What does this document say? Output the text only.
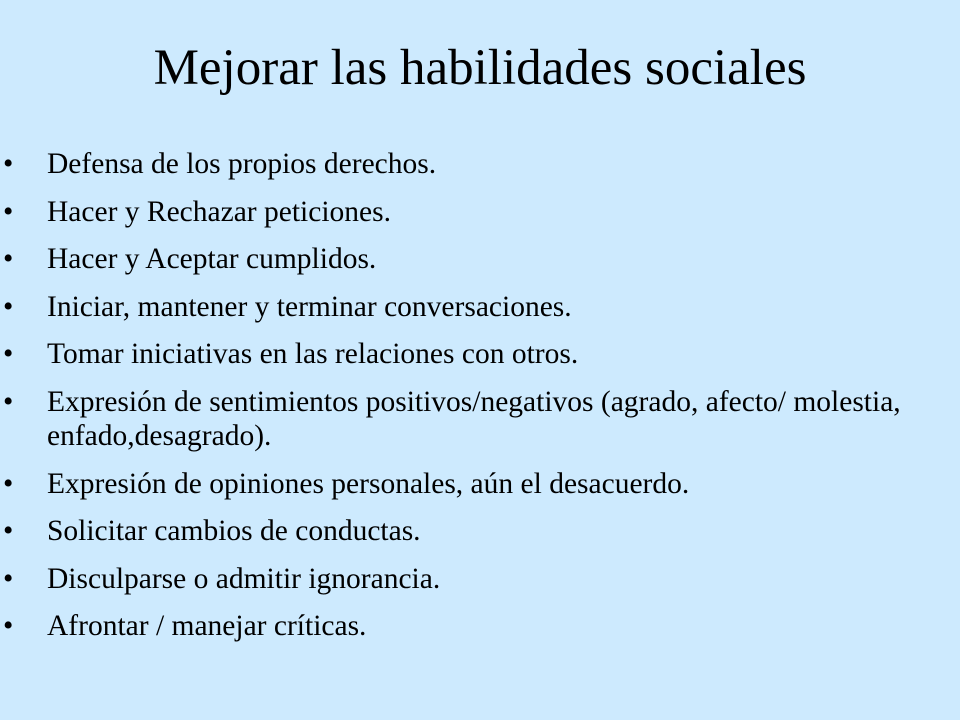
Mejorar las habilidades sociales
• Defensa de los propios derechos.
• Hacer y Rechazar peticiones.
• Hacer y Aceptar cumplidos.
• Iniciar, mantener y terminar conversaciones.
• Tomar iniciativas en las relaciones con otros.
• Expresión de sentimientos positivos/negativos (agrado, afecto/ molestia, enfado,desagrado).
• Expresión de opiniones personales, aún el desacuerdo.
• Solicitar cambios de conductas.
• Disculparse o admitir ignorancia.
• Afrontar / manejar críticas.
